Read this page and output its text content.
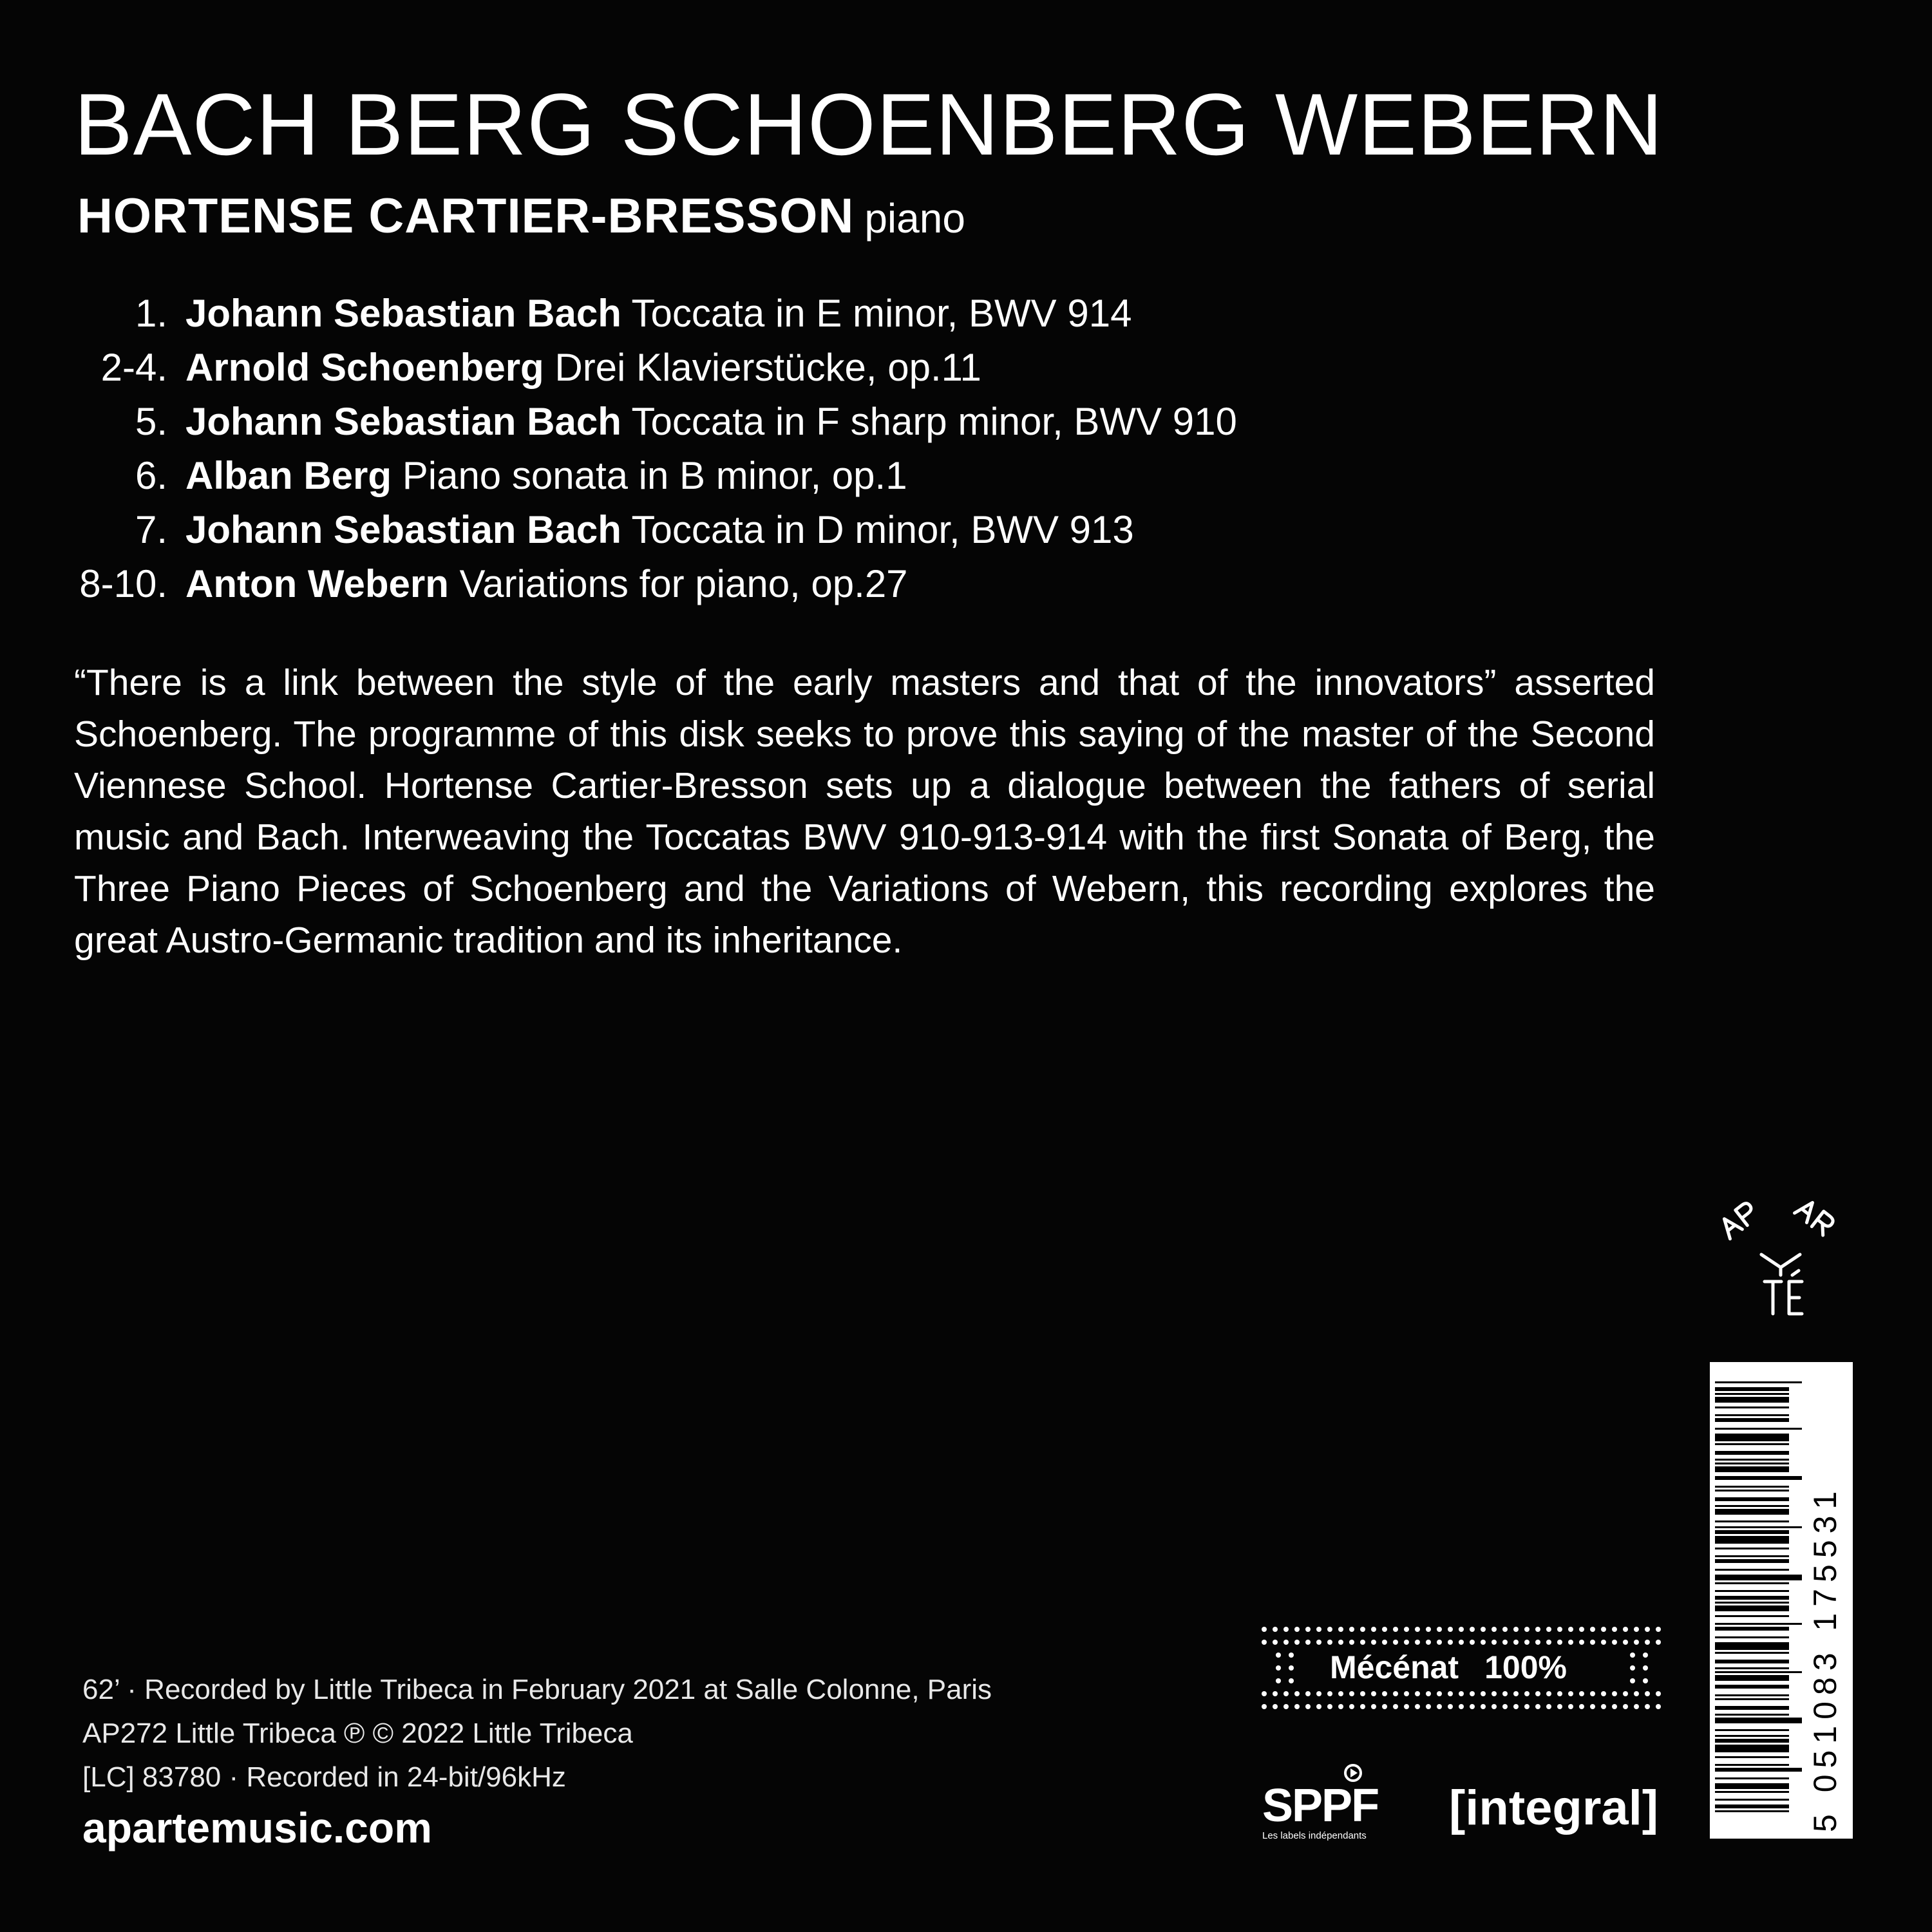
BACH BERG SCHOENBERG WEBERN
HORTENSE CARTIER-BRESSON piano
1. Johann Sebastian Bach Toccata in E minor, BWV 914
2-4. Arnold Schoenberg Drei Klavierstücke, op.11
5. Johann Sebastian Bach Toccata in F sharp minor, BWV 910
6. Alban Berg Piano sonata in B minor, op.1
7. Johann Sebastian Bach Toccata in D minor, BWV 913
8-10. Anton Webern Variations for piano, op.27
“There is a link between the style of the early masters and that of the innovators” asserted Schoenberg. The programme of this disk seeks to prove this saying of the master of the Second Viennese School. Hortense Cartier-Bresson sets up a dialogue between the fathers of serial music and Bach. Interweaving the Toccatas BWV 910-913-914 with the first Sonata of Berg, the Three Piano Pieces of Schoenberg and the Variations of Webern, this recording explores the great Austro-Germanic tradition and its inheritance.
5 051083 175531
Mécénat 100%
SPPF
Les labels indépendants
[integral]
62’ · Recorded by Little Tribeca in February 2021 at Salle Colonne, Paris
AP272 Little Tribeca ℗ © 2022 Little Tribeca
[LC] 83780 · Recorded in 24-bit/96kHz
apartemusic.com
